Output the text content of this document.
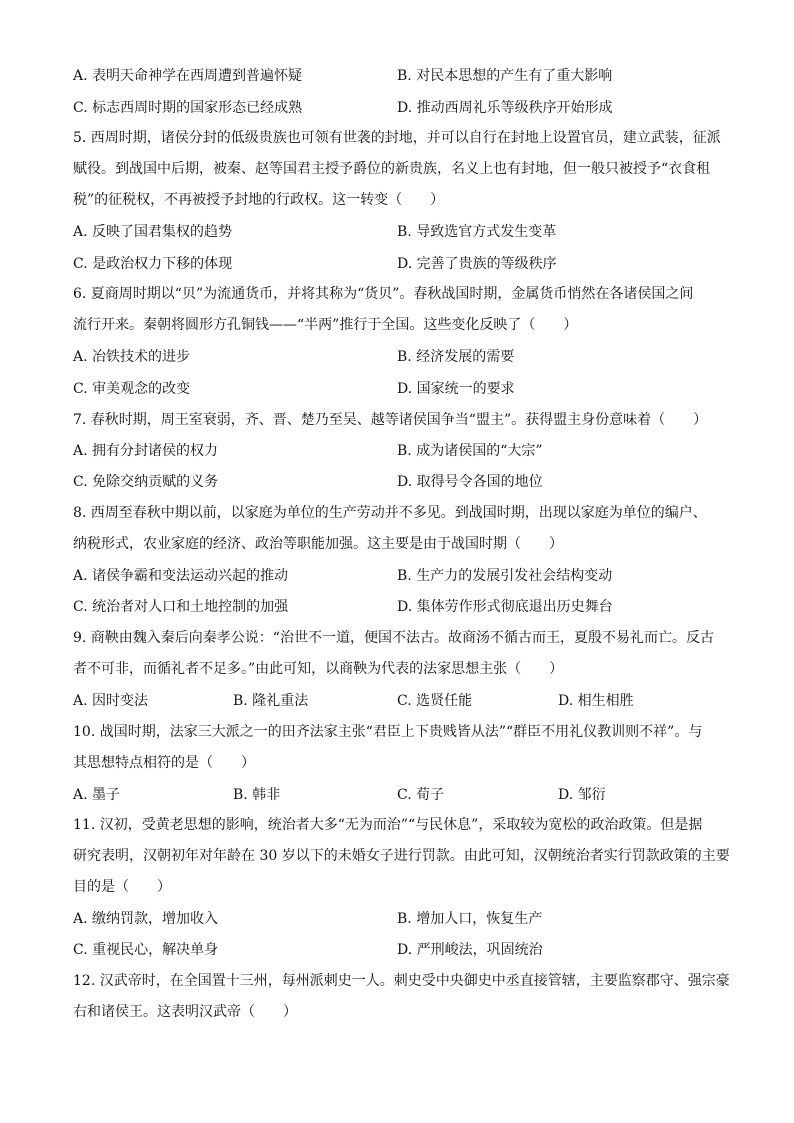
A. 表明天命神学在西周遭到普遍怀疑	B. 对民本思想的产生有了重大影响
C. 标志西周时期的国家形态已经成熟	D. 推动西周礼乐等级秩序开始形成
5. 西周时期，诸侯分封的低级贵族也可领有世袭的封地，并可以自行在封地上设置官员，建立武装，征派
赋役。到战国中后期，被秦、赵等国君主授予爵位的新贵族，名义上也有封地，但一般只被授予“衣食租
税”的征税权，不再被授予封地的行政权。这一转变（　　）
A. 反映了国君集权的趋势	B. 导致选官方式发生变革
C. 是政治权力下移的体现	D. 完善了贵族的等级秩序
6. 夏商周时期以“贝”为流通货币，并将其称为“货贝”。春秋战国时期，金属货币悄然在各诸侯国之间
流行开来。秦朝将圆形方孔铜钱——“半两”推行于全国。这些变化反映了（　　）
A. 冶铁技术的进步	B. 经济发展的需要
C. 审美观念的改变	D. 国家统一的要求
7. 春秋时期，周王室衰弱，齐、晋、楚乃至吴、越等诸侯国争当“盟主”。获得盟主身份意味着（　　）
A. 拥有分封诸侯的权力	B. 成为诸侯国的“大宗”
C. 免除交纳贡赋的义务	D. 取得号令各国的地位
8. 西周至春秋中期以前，以家庭为单位的生产劳动并不多见。到战国时期，出现以家庭为单位的编户、
纳税形式，农业家庭的经济、政治等职能加强。这主要是由于战国时期（　　）
A. 诸侯争霸和变法运动兴起的推动	B. 生产力的发展引发社会结构变动
C. 统治者对人口和土地控制的加强	D. 集体劳作形式彻底退出历史舞台
9. 商鞅由魏入秦后向秦孝公说：“治世不一道，便国不法古。故商汤不循古而王，夏殷不易礼而亡。反古
者不可非，而循礼者不足多。”由此可知，以商鞅为代表的法家思想主张（　　）
A. 因时变法	B. 隆礼重法	C. 选贤任能	D. 相生相胜
10. 战国时期，法家三大派之一的田齐法家主张“君臣上下贵贱皆从法”“群臣不用礼仪教训则不祥”。与
其思想特点相符的是（　　）
A. 墨子	B. 韩非	C. 荀子	D. 邹衍
11. 汉初，受黄老思想的影响，统治者大多“无为而治”“与民休息”，采取较为宽松的政治政策。但是据
研究表明，汉朝初年对年龄在 30 岁以下的未婚女子进行罚款。由此可知，汉朝统治者实行罚款政策的主要
目的是（　　）
A. 缴纳罚款，增加收入	B. 增加人口，恢复生产
C. 重视民心，解决单身	D. 严刑峻法，巩固统治
12. 汉武帝时，在全国置十三州，每州派刺史一人。刺史受中央御史中丞直接管辖，主要监察郡守、强宗豪
右和诸侯王。这表明汉武帝（　　）
